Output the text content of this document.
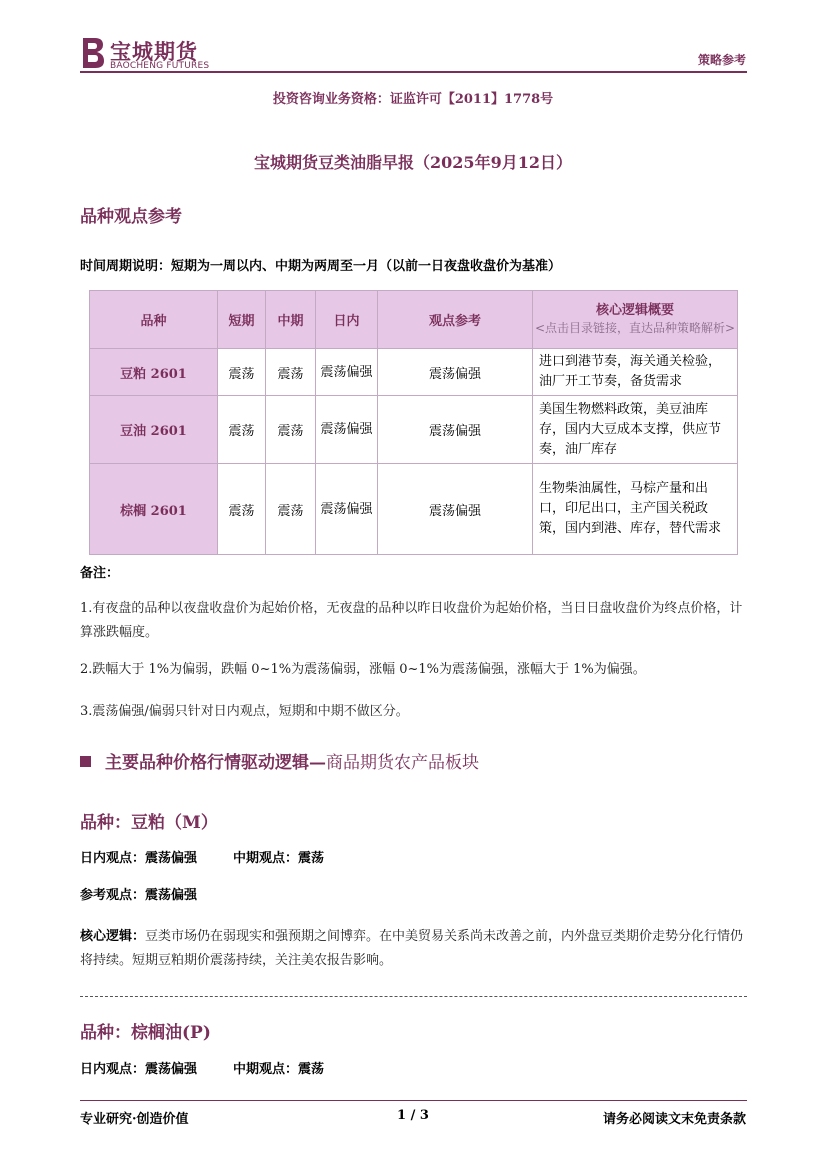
宝城期货
BAOCHENG FUTURES	策略参考
投资咨询业务资格：证监许可【2011】1778号
宝城期货豆类油脂早报（2025年9月12日）
品种观点参考
时间周期说明：短期为一周以内、中期为两周至一月（以前一日夜盘收盘价为基准）
品种	短期	中期	日内	观点参考	核心逻辑概要
<点击目录链接，直达品种策略解析>

豆粕 2601	震荡	震荡	震荡偏强	震荡偏强	进口到港节奏，海关通关检验，油厂开工节奏，备货需求
豆油 2601	震荡	震荡	震荡偏强	震荡偏强	美国生物燃料政策，美豆油库存，国内大豆成本支撑，供应节奏，油厂库存
棕榈 2601	震荡	震荡	震荡偏强	震荡偏强	生物柴油属性，马棕产量和出口，印尼出口，主产国关税政策，国内到港、库存，替代需求
备注：
1.有夜盘的品种以夜盘收盘价为起始价格，无夜盘的品种以昨日收盘价为起始价格，当日日盘收盘价为终点价格，计算涨跌幅度。
2.跌幅大于 1%为偏弱，跌幅 0~1%为震荡偏弱，涨幅 0~1%为震荡偏强，涨幅大于 1%为偏强。
3.震荡偏强/偏弱只针对日内观点，短期和中期不做区分。
主要品种价格行情驱动逻辑—商品期货农产品板块
品种：豆粕（M）
日内观点：震荡偏强	中期观点：震荡
参考观点：震荡偏强
核心逻辑：豆类市场仍在弱现实和强预期之间博弈。在中美贸易关系尚未改善之前，内外盘豆类期价走势分化行情仍将持续。短期豆粕期价震荡持续，关注美农报告影响。
品种：棕榈油(P)
日内观点：震荡偏强	中期观点：震荡
专业研究·创造价值	1 / 3	请务必阅读文末免责条款
